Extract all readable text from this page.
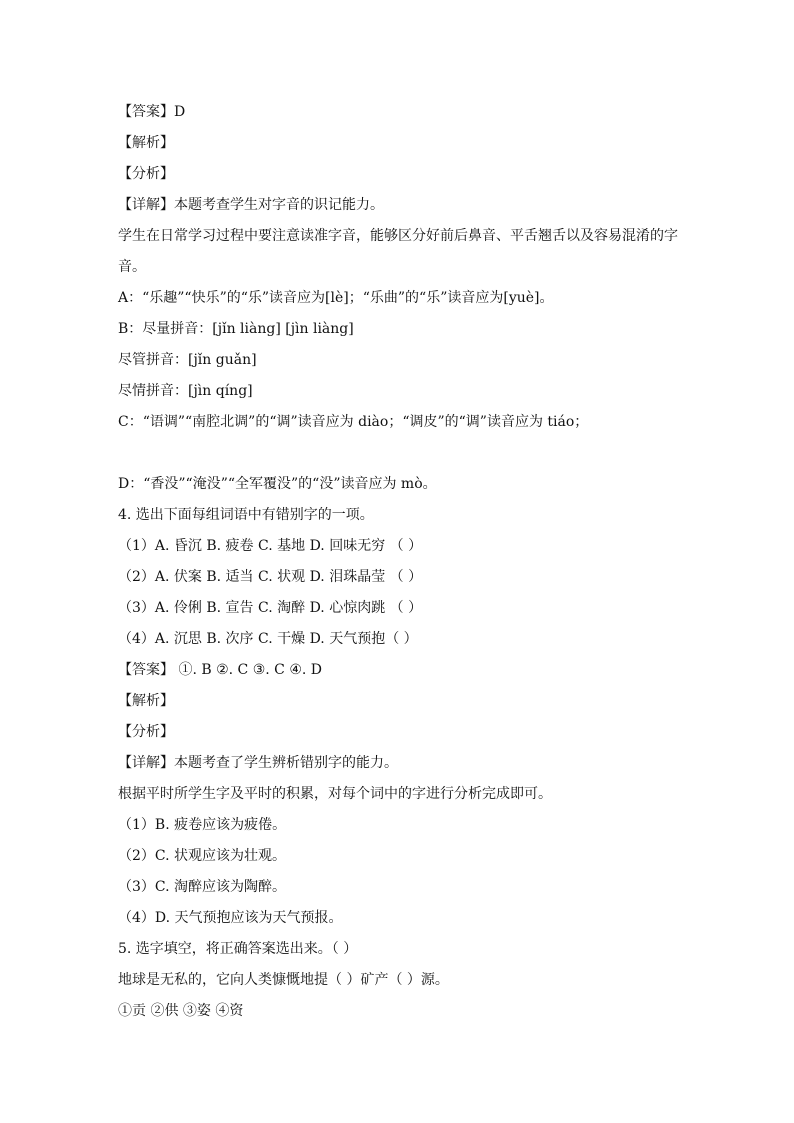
【答案】D
【解析】
【分析】
【详解】本题考查学生对字音的识记能力。
学生在日常学习过程中要注意读准字音，能够区分好前后鼻音、平舌翘舌以及容易混淆的字
音。
A：“乐趣”“快乐”的“乐”读音应为[lè]；“乐曲”的“乐”读音应为[yuè]。
B：尽量拼音：[jǐn liàng] [jìn liàng]
尽管拼音：[jǐn guǎn]
尽情拼音：[jìn qíng]
C：“语调”“南腔北调”的“调”读音应为 diào；“调皮”的“调”读音应为 tiáo；
D：“香没”“淹没”“全军覆没”的“没”读音应为 mò。
4. 选出下面每组词语中有错别字的一项。
（1）A. 昏沉 B. 疲卷 C. 基地 D. 回味无穷 （ ）
（2）A. 伏案 B. 适当 C. 状观 D. 泪珠晶莹 （ ）
（3）A. 伶俐 B. 宣告 C. 淘醉 D. 心惊肉跳 （ ）
（4）A. 沉思 B. 次序 C. 干燥 D. 天气预抱（ ）
【答案】 ①. B ②. C ③. C ④. D
【解析】
【分析】
【详解】本题考查了学生辨析错别字的能力。
根据平时所学生字及平时的积累，对每个词中的字进行分析完成即可。
（1）B. 疲卷应该为疲倦。
（2）C. 状观应该为壮观。
（3）C. 淘醉应该为陶醉。
（4）D. 天气预抱应该为天气预报。
5. 选字填空，将正确答案选出来。（ ）
地球是无私的，它向人类慷慨地提（ ）矿产（ ）源。
①贡 ②供 ③姿 ④资
